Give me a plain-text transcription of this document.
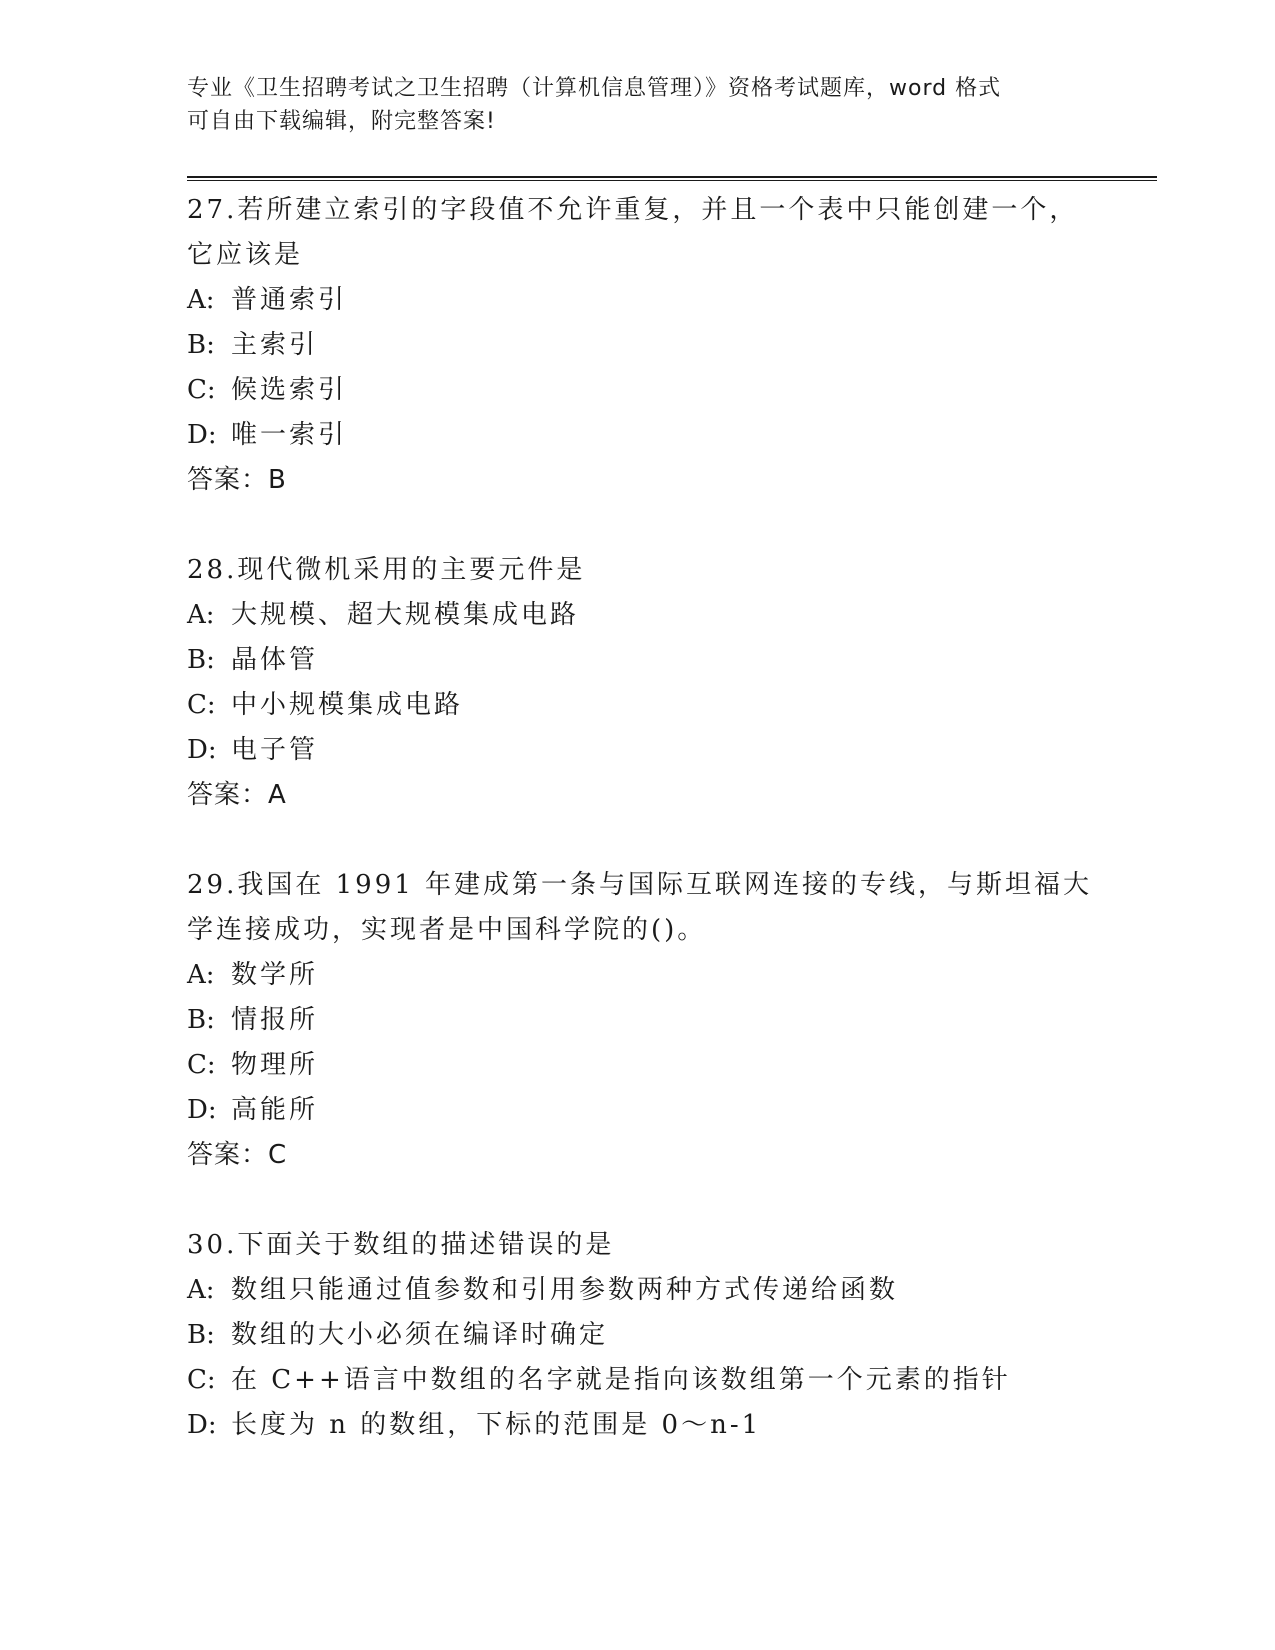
专业《卫生招聘考试之卫生招聘（计算机信息管理）》资格考试题库，word 格式
可自由下载编辑，附完整答案!
27.若所建立索引的字段值不允许重复，并且一个表中只能创建一个，
它应该是
A: 普通索引
B: 主索引
C: 候选索引
D: 唯一索引
答案：B
28.现代微机采用的主要元件是
A: 大规模、超大规模集成电路
B: 晶体管
C: 中小规模集成电路
D: 电子管
答案：A
29.我国在 1991 年建成第一条与国际互联网连接的专线，与斯坦福大
学连接成功，实现者是中国科学院的()。
A: 数学所
B: 情报所
C: 物理所
D: 高能所
答案：C
30.下面关于数组的描述错误的是
A: 数组只能通过值参数和引用参数两种方式传递给函数
B: 数组的大小必须在编译时确定
C: 在 C++语言中数组的名字就是指向该数组第一个元素的指针
D: 长度为 n 的数组，下标的范围是 0～n-1
